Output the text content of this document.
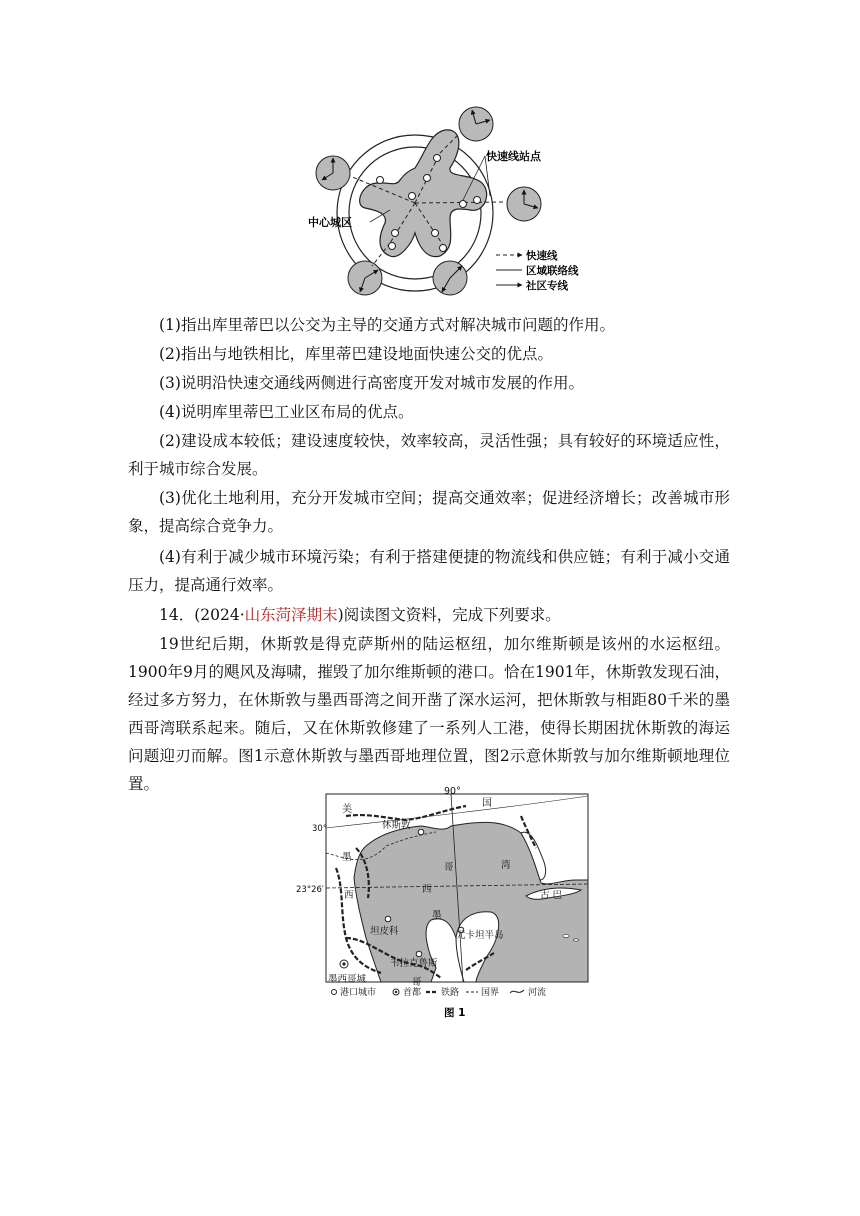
快速线站点
中心城区
快速线
区域联络线
社区专线

(1)指出库里蒂巴以公交为主导的交通方式对解决城市问题的作用。

(2)指出与地铁相比，库里蒂巴建设地面快速公交的优点。

(3)说明沿快速交通线两侧进行高密度开发对城市发展的作用。

(4)说明库里蒂巴工业区布局的优点。

(2)建设成本较低；建设速度较快，效率较高，灵活性强；具有较好的环境适应性，利于城市综合发展。

(3)优化土地利用，充分开发城市空间；提高交通效率；促进经济增长；改善城市形象，提高综合竞争力。

(4)有利于减少城市环境污染；有利于搭建便捷的物流线和供应链；有利于减小交通压力，提高通行效率。

14．(2024·山东菏泽期末)阅读图文资料，完成下列要求。

19世纪后期，休斯敦是得克萨斯州的陆运枢纽，加尔维斯顿是该州的水运枢纽。1900年9月的飓风及海啸，摧毁了加尔维斯顿的港口。恰在1901年，休斯敦发现石油，经过多方努力，在休斯敦与墨西哥湾之间开凿了深水运河，把休斯敦与相距80千米的墨西哥湾联系起来。随后，又在休斯敦修建了一系列人工港，使得长期困扰休斯敦的海运问题迎刃而解。图1示意休斯敦与墨西哥地理位置，图2示意休斯敦与加尔维斯顿地理位置。	90°
30°
23°26′
美
国
休斯敦
墨
西
哥
哥	湾
西
墨
古 巴
坦皮科	尤卡坦半岛
韦拉克鲁斯
墨西哥城
港口城市	首都 铁路 国界	河流
图 1
